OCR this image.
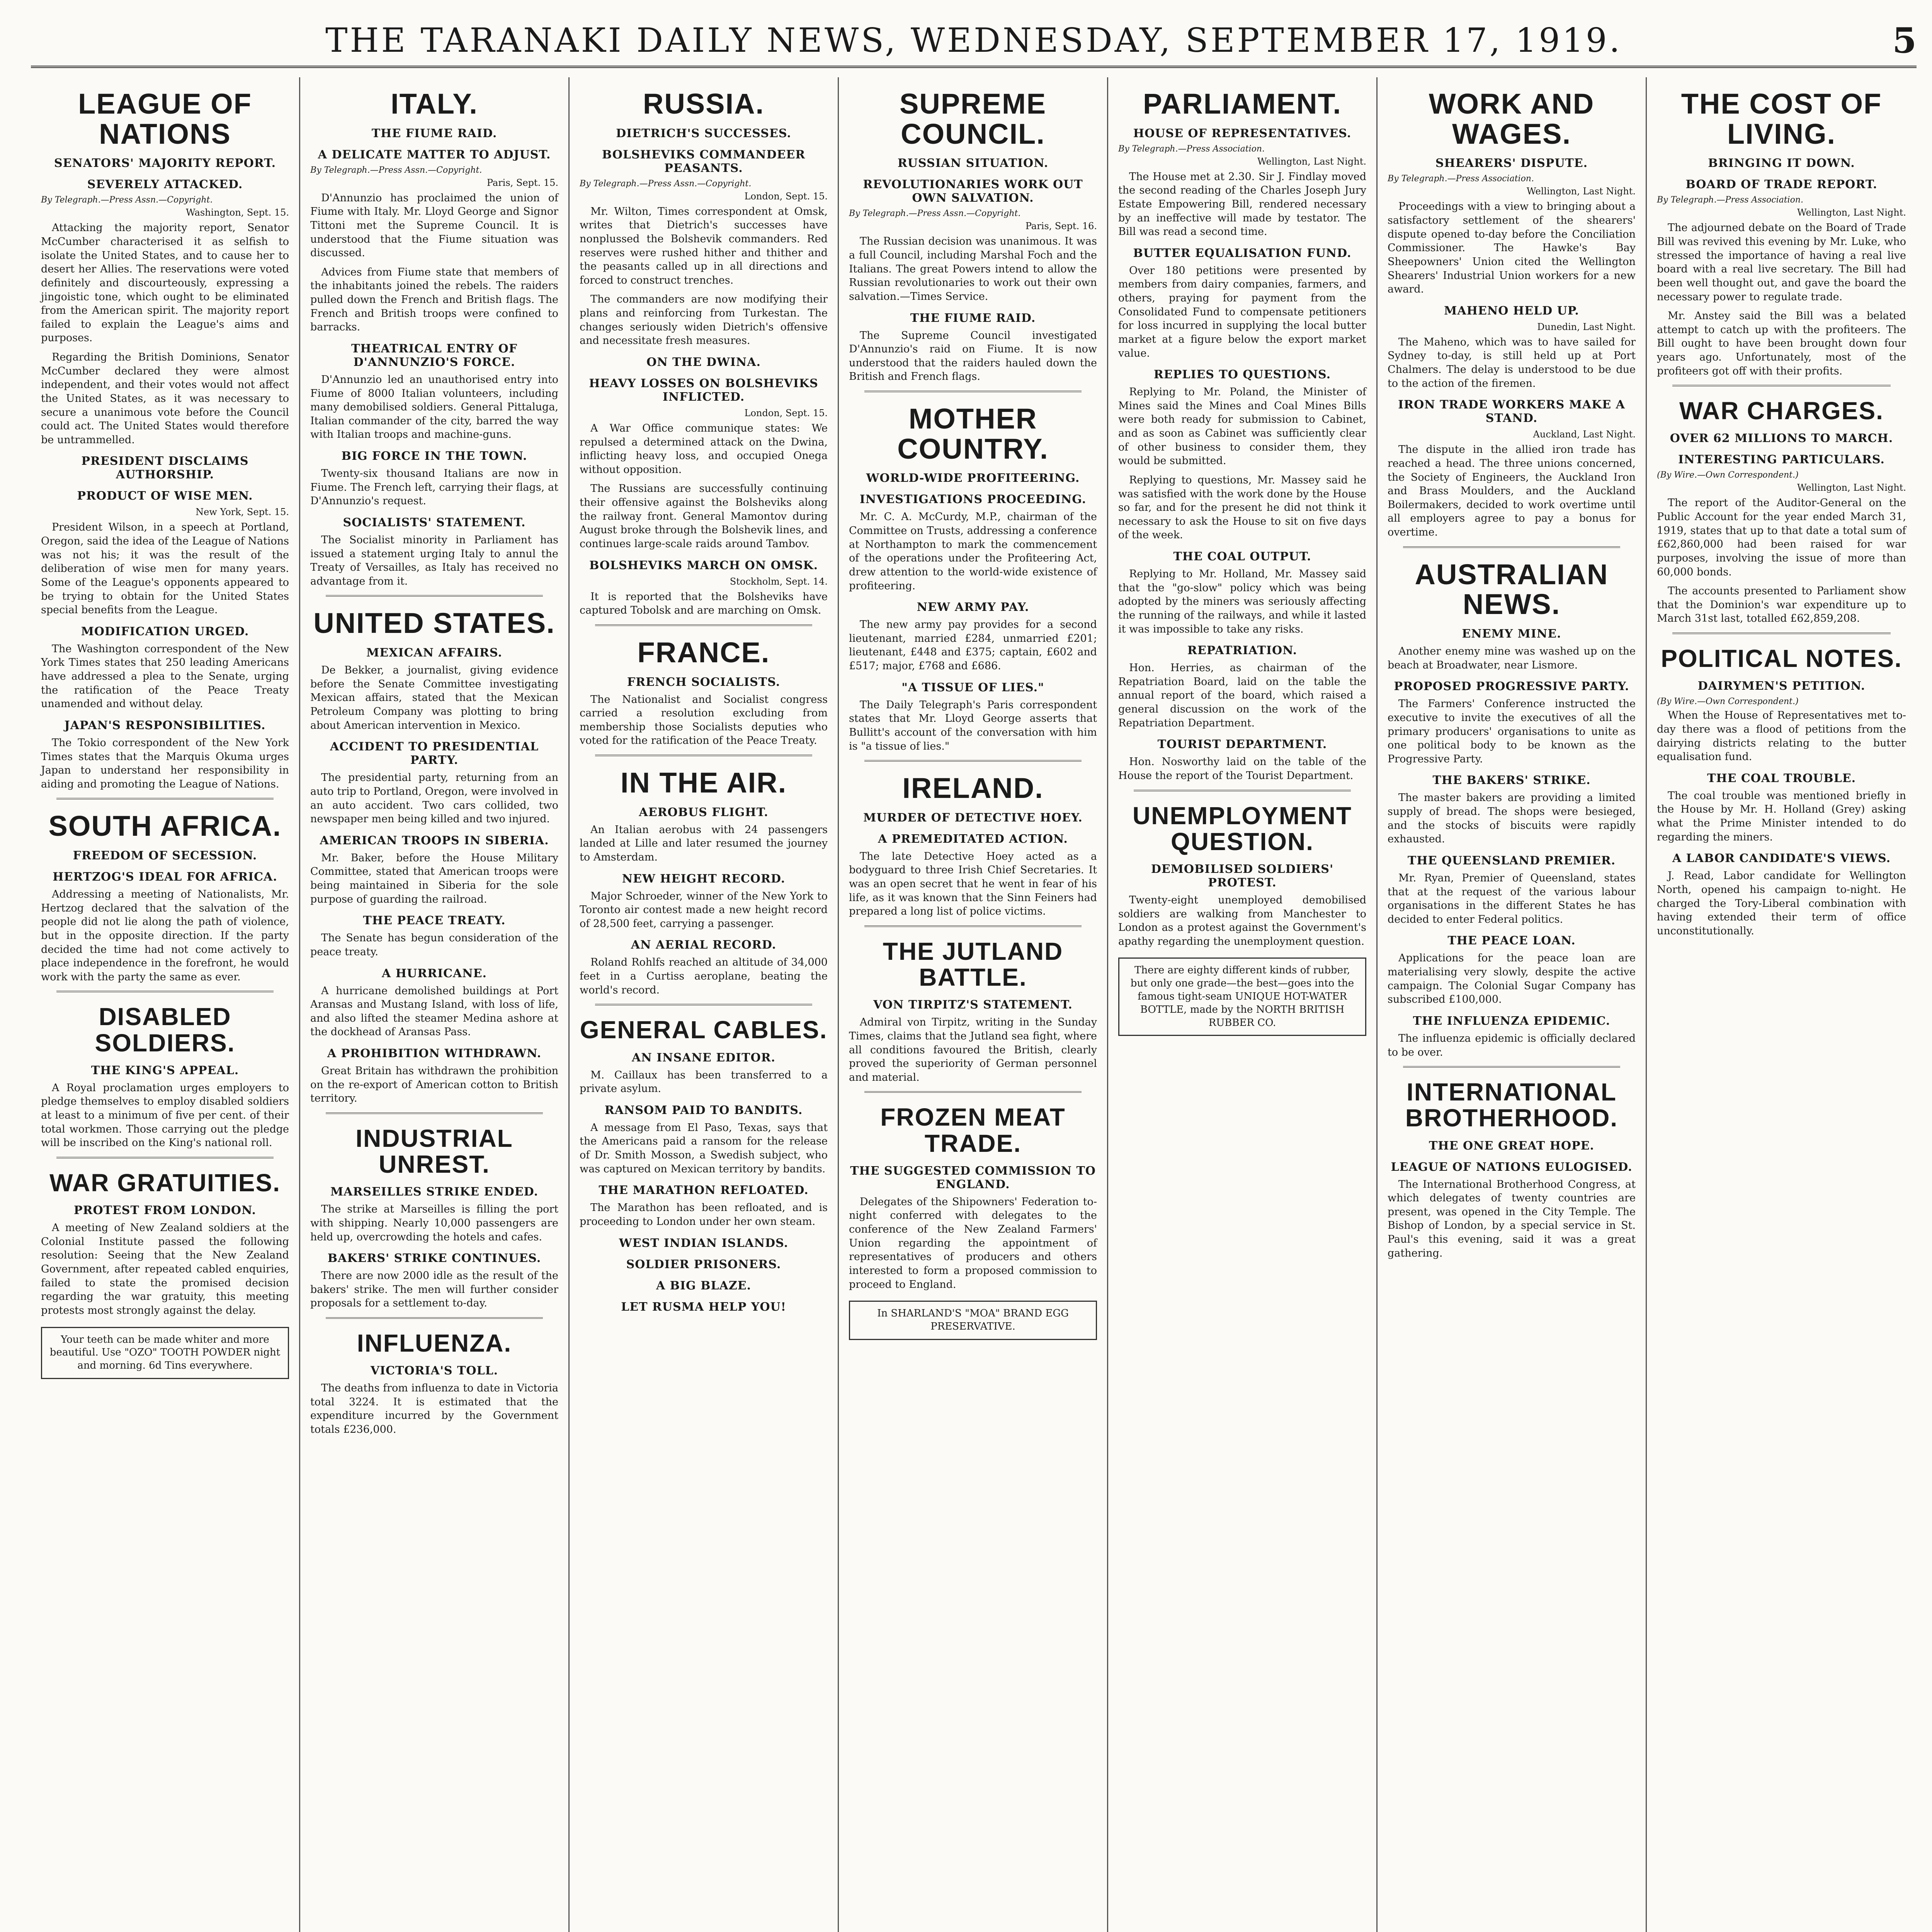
THE TARANAKI DAILY NEWS, WEDNESDAY, SEPTEMBER 17, 1919.	5
LEAGUE OF NATIONS
SENATORS' MAJORITY REPORT.
SEVERELY ATTACKED.
By Telegraph.—Press Assn.—Copyright.
Washington, Sept. 15.

Attacking the majority report, Senator McCumber characterised it as selfish to isolate the United States, and to cause her to desert her Allies. The reservations were voted definitely and discourteously, expressing a jingoistic tone, which ought to be eliminated from the American spirit. The majority report failed to explain the League's aims and purposes.

Regarding the British Dominions, Senator McCumber declared they were almost independent, and their votes would not affect the United States, as it was necessary to secure a unanimous vote before the Council could act. The United States would therefore be untrammelled.

PRESIDENT DISCLAIMS AUTHORSHIP.
PRODUCT OF WISE MEN.
New York, Sept. 15.

President Wilson, in a speech at Portland, Oregon, said the idea of the League of Nations was not his; it was the result of the deliberation of wise men for many years. Some of the League's opponents appeared to be trying to obtain for the United States special benefits from the League.

MODIFICATION URGED.

The Washington correspondent of the New York Times states that 250 leading Americans have addressed a plea to the Senate, urging the ratification of the Peace Treaty unamended and without delay.

JAPAN'S RESPONSIBILITIES.

The Tokio correspondent of the New York Times states that the Marquis Okuma urges Japan to understand her responsibility in aiding and promoting the League of Nations.

SOUTH AFRICA.
FREEDOM OF SECESSION.
HERTZOG'S IDEAL FOR AFRICA.

Addressing a meeting of Nationalists, Mr. Hertzog declared that the salvation of the people did not lie along the path of violence, but in the opposite direction. If the party decided the time had not come actively to place independence in the forefront, he would work with the party the same as ever.

DISABLED SOLDIERS.
THE KING'S APPEAL.

A Royal proclamation urges employers to pledge themselves to employ disabled soldiers at least to a minimum of five per cent. of their total workmen. Those carrying out the pledge will be inscribed on the King's national roll.

WAR GRATUITIES.
PROTEST FROM LONDON.

A meeting of New Zealand soldiers at the Colonial Institute passed the following resolution: Seeing that the New Zealand Government, after repeated cabled enquiries, failed to state the promised decision regarding the war gratuity, this meeting protests most strongly against the delay.

Your teeth can be made whiter and more beautiful. Use "OZO" TOOTH POWDER night and morning. 6d Tins everywhere.
ITALY.
THE FIUME RAID.
A DELICATE MATTER TO ADJUST.
By Telegraph.—Press Assn.—Copyright.
Paris, Sept. 15.

D'Annunzio has proclaimed the union of Fiume with Italy. Mr. Lloyd George and Signor Tittoni met the Supreme Council. It is understood that the Fiume situation was discussed.

Advices from Fiume state that members of the inhabitants joined the rebels. The raiders pulled down the French and British flags. The French and British troops were confined to barracks.

THEATRICAL ENTRY OF D'ANNUNZIO'S FORCE.

D'Annunzio led an unauthorised entry into Fiume of 8000 Italian volunteers, including many demobilised soldiers. General Pittaluga, Italian commander of the city, barred the way with Italian troops and machine-guns.

BIG FORCE IN THE TOWN.

Twenty-six thousand Italians are now in Fiume. The French left, carrying their flags, at D'Annunzio's request.

SOCIALISTS' STATEMENT.

The Socialist minority in Parliament has issued a statement urging Italy to annul the Treaty of Versailles, as Italy has received no advantage from it.

UNITED STATES.
MEXICAN AFFAIRS.

De Bekker, a journalist, giving evidence before the Senate Committee investigating Mexican affairs, stated that the Mexican Petroleum Company was plotting to bring about American intervention in Mexico.

ACCIDENT TO PRESIDENTIAL PARTY.

The presidential party, returning from an auto trip to Portland, Oregon, were involved in an auto accident. Two cars collided, two newspaper men being killed and two injured.

AMERICAN TROOPS IN SIBERIA.

Mr. Baker, before the House Military Committee, stated that American troops were being maintained in Siberia for the sole purpose of guarding the railroad.

THE PEACE TREATY.

The Senate has begun consideration of the peace treaty.

A HURRICANE.

A hurricane demolished buildings at Port Aransas and Mustang Island, with loss of life, and also lifted the steamer Medina ashore at the dockhead of Aransas Pass.

A PROHIBITION WITHDRAWN.

Great Britain has withdrawn the prohibition on the re-export of American cotton to British territory.

INDUSTRIAL UNREST.
MARSEILLES STRIKE ENDED.

The strike at Marseilles is filling the port with shipping. Nearly 10,000 passengers are held up, overcrowding the hotels and cafes.

BAKERS' STRIKE CONTINUES.

There are now 2000 idle as the result of the bakers' strike. The men will further consider proposals for a settlement to-day.

INFLUENZA.
VICTORIA'S TOLL.

The deaths from influenza to date in Victoria total 3224. It is estimated that the expenditure incurred by the Government totals £236,000.

RUSSIA.
DIETRICH'S SUCCESSES.
BOLSHEVIKS COMMANDEER PEASANTS.
By Telegraph.—Press Assn.—Copyright.
London, Sept. 15.

Mr. Wilton, Times correspondent at Omsk, writes that Dietrich's successes have nonplussed the Bolshevik commanders. Red reserves were rushed hither and thither and the peasants called up in all directions and forced to construct trenches.

The commanders are now modifying their plans and reinforcing from Turkestan. The changes seriously widen Dietrich's offensive and necessitate fresh measures.

ON THE DWINA.
HEAVY LOSSES ON BOLSHEVIKS INFLICTED.
London, Sept. 15.

A War Office communique states: We repulsed a determined attack on the Dwina, inflicting heavy loss, and occupied Onega without opposition.

The Russians are successfully continuing their offensive against the Bolsheviks along the railway front. General Mamontov during August broke through the Bolshevik lines, and continues large-scale raids around Tambov.

BOLSHEVIKS MARCH ON OMSK.
Stockholm, Sept. 14.

It is reported that the Bolsheviks have captured Tobolsk and are marching on Omsk.

FRANCE.
FRENCH SOCIALISTS.

The Nationalist and Socialist congress carried a resolution excluding from membership those Socialists deputies who voted for the ratification of the Peace Treaty.

IN THE AIR.
AEROBUS FLIGHT.

An Italian aerobus with 24 passengers landed at Lille and later resumed the journey to Amsterdam.

NEW HEIGHT RECORD.

Major Schroeder, winner of the New York to Toronto air contest made a new height record of 28,500 feet, carrying a passenger.

AN AERIAL RECORD.

Roland Rohlfs reached an altitude of 34,000 feet in a Curtiss aeroplane, beating the world's record.

GENERAL CABLES.
AN INSANE EDITOR.

M. Caillaux has been transferred to a private asylum.

RANSOM PAID TO BANDITS.

A message from El Paso, Texas, says that the Americans paid a ransom for the release of Dr. Smith Mosson, a Swedish subject, who was captured on Mexican territory by bandits.

THE MARATHON REFLOATED.

The Marathon has been refloated, and is proceeding to London under her own steam.

WEST INDIAN ISLANDS.
SOLDIER PRISONERS.
A BIG BLAZE.
LET RUSMA HELP YOU!
SUPREME COUNCIL.
RUSSIAN SITUATION.
REVOLUTIONARIES WORK OUT OWN SALVATION.
By Telegraph.—Press Assn.—Copyright.
Paris, Sept. 16.

The Russian decision was unanimous. It was a full Council, including Marshal Foch and the Italians. The great Powers intend to allow the Russian revolutionaries to work out their own salvation.—Times Service.

THE FIUME RAID.

The Supreme Council investigated D'Annunzio's raid on Fiume. It is now understood that the raiders hauled down the British and French flags.

MOTHER COUNTRY.
WORLD-WIDE PROFITEERING.
INVESTIGATIONS PROCEEDING.

Mr. C. A. McCurdy, M.P., chairman of the Committee on Trusts, addressing a conference at Northampton to mark the commencement of the operations under the Profiteering Act, drew attention to the world-wide existence of profiteering.

NEW ARMY PAY.

The new army pay provides for a second lieutenant, married £284, unmarried £201; lieutenant, £448 and £375; captain, £602 and £517; major, £768 and £686.

"A TISSUE OF LIES."

The Daily Telegraph's Paris correspondent states that Mr. Lloyd George asserts that Bullitt's account of the conversation with him is "a tissue of lies."

IRELAND.
MURDER OF DETECTIVE HOEY.
A PREMEDITATED ACTION.

The late Detective Hoey acted as a bodyguard to three Irish Chief Secretaries. It was an open secret that he went in fear of his life, as it was known that the Sinn Feiners had prepared a long list of police victims.

THE JUTLAND BATTLE.
VON TIRPITZ'S STATEMENT.

Admiral von Tirpitz, writing in the Sunday Times, claims that the Jutland sea fight, where all conditions favoured the British, clearly proved the superiority of German personnel and material.

FROZEN MEAT TRADE.
THE SUGGESTED COMMISSION TO ENGLAND.

Delegates of the Shipowners' Federation to-night conferred with delegates to the conference of the New Zealand Farmers' Union regarding the appointment of representatives of producers and others interested to form a proposed commission to proceed to England.

In SHARLAND'S "MOA" BRAND EGG PRESERVATIVE.
PARLIAMENT.
HOUSE OF REPRESENTATIVES.
By Telegraph.—Press Association.
Wellington, Last Night.

The House met at 2.30. Sir J. Findlay moved the second reading of the Charles Joseph Jury Estate Empowering Bill, rendered necessary by an ineffective will made by testator. The Bill was read a second time.

BUTTER EQUALISATION FUND.

Over 180 petitions were presented by members from dairy companies, farmers, and others, praying for payment from the Consolidated Fund to compensate petitioners for loss incurred in supplying the local butter market at a figure below the export market value.

REPLIES TO QUESTIONS.

Replying to Mr. Poland, the Minister of Mines said the Mines and Coal Mines Bills were both ready for submission to Cabinet, and as soon as Cabinet was sufficiently clear of other business to consider them, they would be submitted.

Replying to questions, Mr. Massey said he was satisfied with the work done by the House so far, and for the present he did not think it necessary to ask the House to sit on five days of the week.

THE COAL OUTPUT.

Replying to Mr. Holland, Mr. Massey said that the "go-slow" policy which was being adopted by the miners was seriously affecting the running of the railways, and while it lasted it was impossible to take any risks.

REPATRIATION.

Hon. Herries, as chairman of the Repatriation Board, laid on the table the annual report of the board, which raised a general discussion on the work of the Repatriation Department.

TOURIST DEPARTMENT.

Hon. Nosworthy laid on the table of the House the report of the Tourist Department.

UNEMPLOYMENT QUESTION.
DEMOBILISED SOLDIERS' PROTEST.

Twenty-eight unemployed demobilised soldiers are walking from Manchester to London as a protest against the Government's apathy regarding the unemployment question.

There are eighty different kinds of rubber, but only one grade—the best—goes into the famous tight-seam UNIQUE HOT-WATER BOTTLE, made by the NORTH BRITISH RUBBER CO.
WORK AND WAGES.
SHEARERS' DISPUTE.
By Telegraph.—Press Association.
Wellington, Last Night.

Proceedings with a view to bringing about a satisfactory settlement of the shearers' dispute opened to-day before the Conciliation Commissioner. The Hawke's Bay Sheepowners' Union cited the Wellington Shearers' Industrial Union workers for a new award.

MAHENO HELD UP.
Dunedin, Last Night.

The Maheno, which was to have sailed for Sydney to-day, is still held up at Port Chalmers. The delay is understood to be due to the action of the firemen.

IRON TRADE WORKERS MAKE A STAND.
Auckland, Last Night.

The dispute in the allied iron trade has reached a head. The three unions concerned, the Society of Engineers, the Auckland Iron and Brass Moulders, and the Auckland Boilermakers, decided to work overtime until all employers agree to pay a bonus for overtime.

AUSTRALIAN NEWS.
ENEMY MINE.

Another enemy mine was washed up on the beach at Broadwater, near Lismore.

PROPOSED PROGRESSIVE PARTY.

The Farmers' Conference instructed the executive to invite the executives of all the primary producers' organisations to unite as one political body to be known as the Progressive Party.

THE BAKERS' STRIKE.

The master bakers are providing a limited supply of bread. The shops were besieged, and the stocks of biscuits were rapidly exhausted.

THE QUEENSLAND PREMIER.

Mr. Ryan, Premier of Queensland, states that at the request of the various labour organisations in the different States he has decided to enter Federal politics.

THE PEACE LOAN.

Applications for the peace loan are materialising very slowly, despite the active campaign. The Colonial Sugar Company has subscribed £100,000.

THE INFLUENZA EPIDEMIC.

The influenza epidemic is officially declared to be over.

INTERNATIONAL BROTHERHOOD.
THE ONE GREAT HOPE.
LEAGUE OF NATIONS EULOGISED.

The International Brotherhood Congress, at which delegates of twenty countries are present, was opened in the City Temple. The Bishop of London, by a special service in St. Paul's this evening, said it was a great gathering.

THE COST OF LIVING.
BRINGING IT DOWN.
BOARD OF TRADE REPORT.
By Telegraph.—Press Association.
Wellington, Last Night.

The adjourned debate on the Board of Trade Bill was revived this evening by Mr. Luke, who stressed the importance of having a real live board with a real live secretary. The Bill had been well thought out, and gave the board the necessary power to regulate trade.

Mr. Anstey said the Bill was a belated attempt to catch up with the profiteers. The Bill ought to have been brought down four years ago. Unfortunately, most of the profiteers got off with their profits.

WAR CHARGES.
OVER 62 MILLIONS TO MARCH.
INTERESTING PARTICULARS.
(By Wire.—Own Correspondent.)
Wellington, Last Night.

The report of the Auditor-General on the Public Account for the year ended March 31, 1919, states that up to that date a total sum of £62,860,000 had been raised for war purposes, involving the issue of more than 60,000 bonds.

The accounts presented to Parliament show that the Dominion's war expenditure up to March 31st last, totalled £62,859,208.

POLITICAL NOTES.
DAIRYMEN'S PETITION.
(By Wire.—Own Correspondent.)

When the House of Representatives met to-day there was a flood of petitions from the dairying districts relating to the butter equalisation fund.

THE COAL TROUBLE.

The coal trouble was mentioned briefly in the House by Mr. H. Holland (Grey) asking what the Prime Minister intended to do regarding the miners.

A LABOR CANDIDATE'S VIEWS.

J. Read, Labor candidate for Wellington North, opened his campaign to-night. He charged the Tory-Liberal combination with having extended their term of office unconstitutionally.
